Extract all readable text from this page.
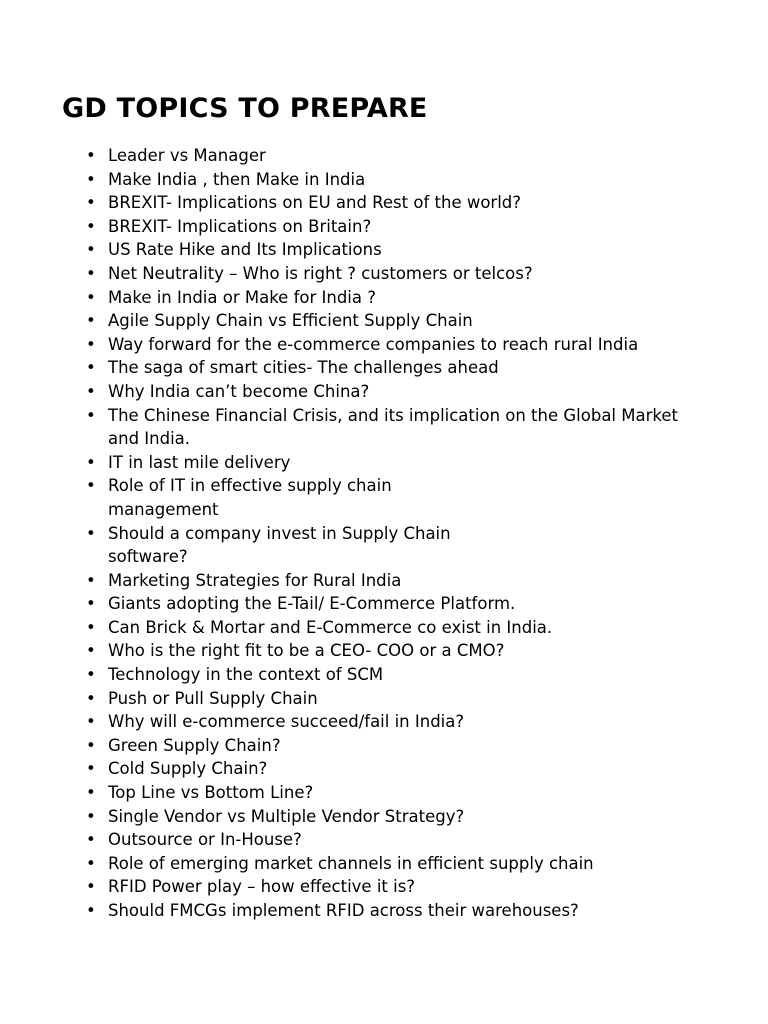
GD TOPICS TO PREPARE
• Leader vs Manager
• Make India , then Make in India
• BREXIT- Implications on EU and Rest of the world?
• BREXIT- Implications on Britain?
• US Rate Hike and Its Implications
• Net Neutrality – Who is right ? customers or telcos?
• Make in India or Make for India ?
• Agile Supply Chain vs Efficient Supply Chain
• Way forward for the e-commerce companies to reach rural India
• The saga of smart cities- The challenges ahead
• Why India can’t become China?
• The Chinese Financial Crisis, and its implication on the Global Market
and India.
• IT in last mile delivery
• Role of IT in effective supply chain
management
• Should a company invest in Supply Chain
software?
• Marketing Strategies for Rural India
• Giants adopting the E-Tail/ E-Commerce Platform.
• Can Brick & Mortar and E-Commerce co exist in India.
• Who is the right fit to be a CEO- COO or a CMO?
• Technology in the context of SCM
• Push or Pull Supply Chain
• Why will e-commerce succeed/fail in India?
• Green Supply Chain?
• Cold Supply Chain?
• Top Line vs Bottom Line?
• Single Vendor vs Multiple Vendor Strategy?
• Outsource or In-House?
• Role of emerging market channels in efficient supply chain
• RFID Power play – how effective it is?
• Should FMCGs implement RFID across their warehouses?
